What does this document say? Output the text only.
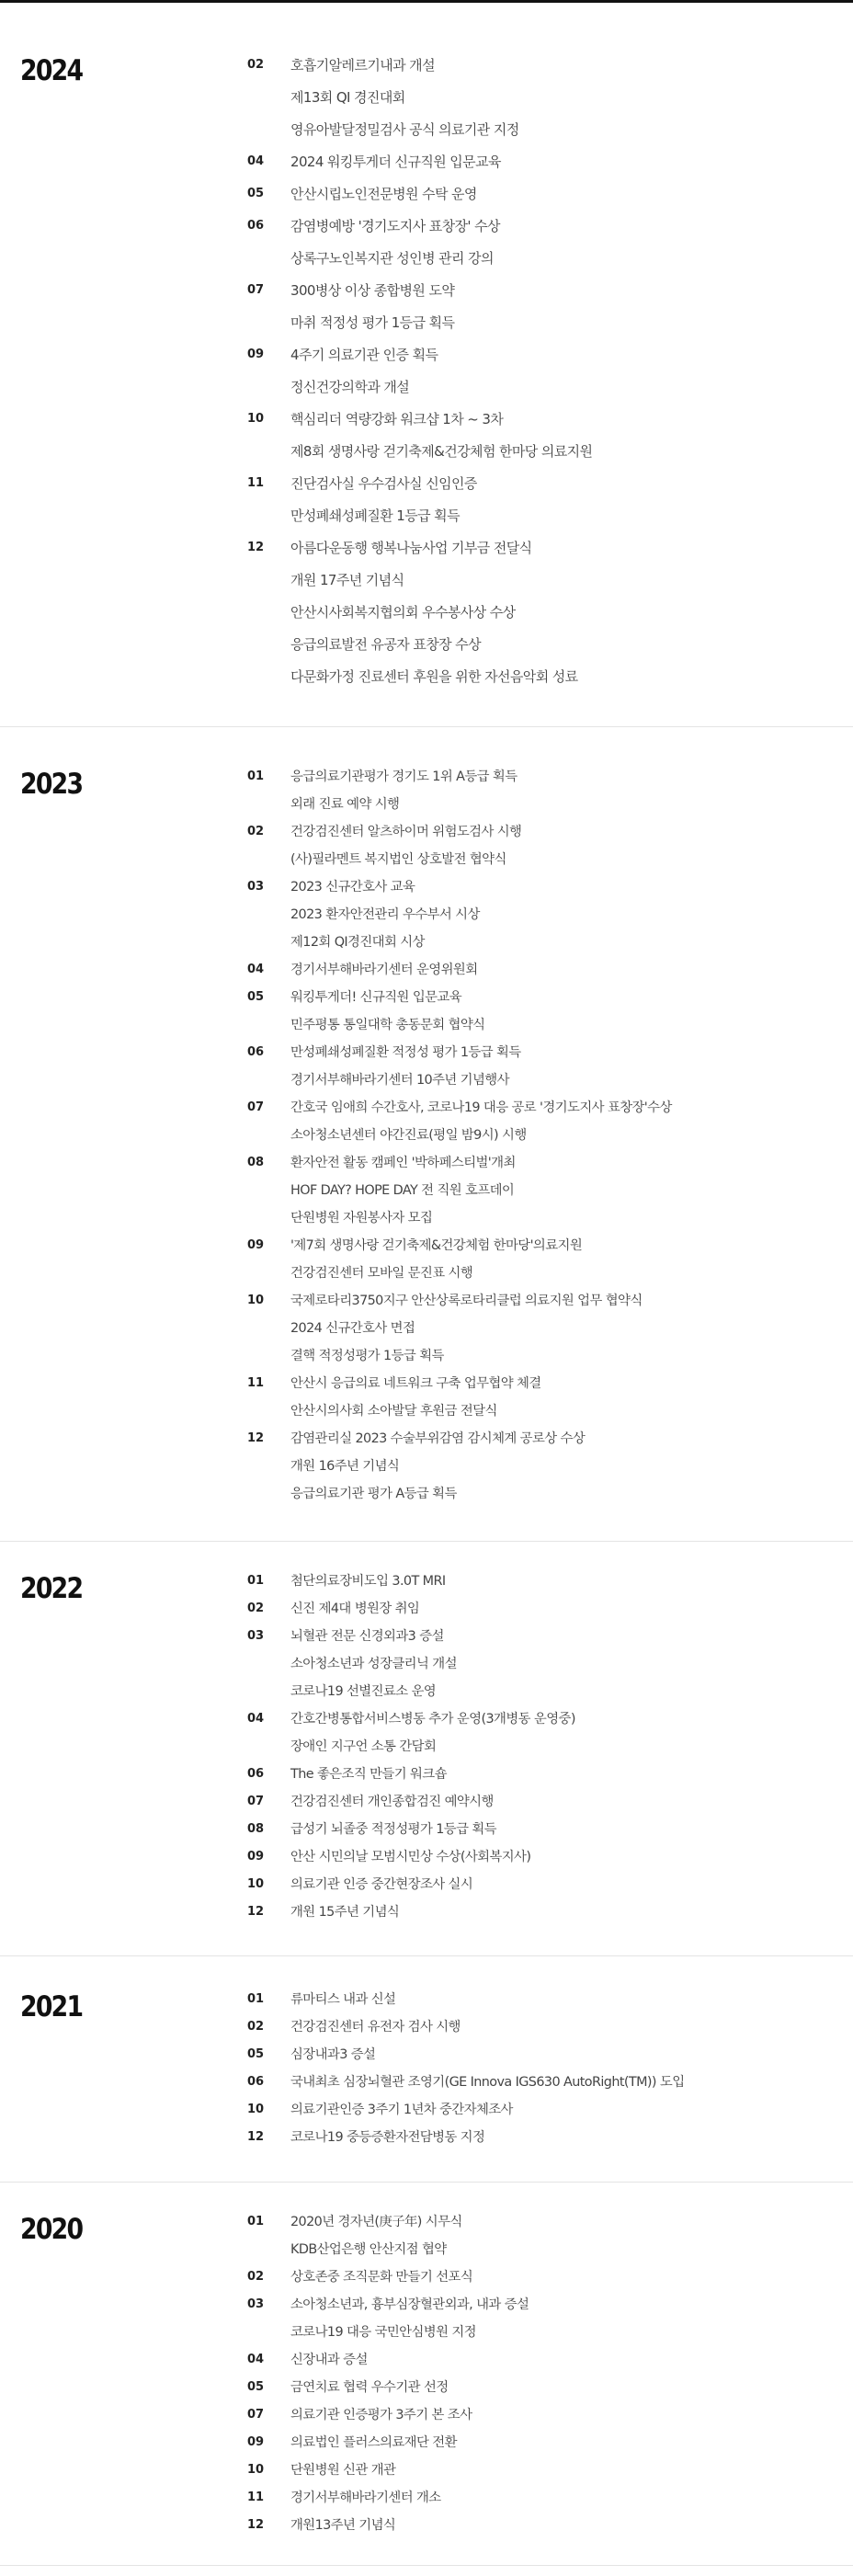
2024	02 호흡기알레르기내과 개설
제13회 QI 경진대회
영유아발달정밀검사 공식 의료기관 지정
04 2024 워킹투게더 신규직원 입문교육
05 안산시립노인전문병원 수탁 운영
06 감염병예방 '경기도지사 표창장' 수상
상록구노인복지관 성인병 관리 강의
07 300병상 이상 종합병원 도약
마취 적정성 평가 1등급 획득
09 4주기 의료기관 인증 획득
정신건강의학과 개설
10 핵심리더 역량강화 워크샵 1차 ~ 3차
제8회 생명사랑 걷기축제&건강체험 한마당 의료지원
11 진단검사실 우수검사실 신임인증
만성폐쇄성폐질환 1등급 획득
12 아름다운동행 행복나눔사업 기부금 전달식
개원 17주년 기념식
안산시사회복지협의회 우수봉사상 수상
응급의료발전 유공자 표창장 수상
다문화가정 진료센터 후원을 위한 자선음악회 성료
2023	01 응급의료기관평가 경기도 1위 A등급 획득
외래 진료 예약 시행
02 건강검진센터 알츠하이머 위험도검사 시행
(사)필라멘트 복지법인 상호발전 협약식
03 2023 신규간호사 교육
2023 환자안전관리 우수부서 시상
제12회 QI경진대회 시상
04 경기서부해바라기센터 운영위원회
05 워킹투게더! 신규직원 입문교육
민주평통 통일대학 총동문회 협약식
06 만성폐쇄성폐질환 적정성 평가 1등급 획득
경기서부해바라기센터 10주년 기념행사
07 간호국 임애희 수간호사, 코로나19 대응 공로 '경기도지사 표창장'수상
소아청소년센터 야간진료(평일 밤9시) 시행
08 환자안전 활동 캠페인 '박하페스티벌'개최
HOF DAY? HOPE DAY 전 직원 호프데이
단원병원 자원봉사자 모집
09 '제7회 생명사랑 걷기축제&건강체험 한마당'의료지원
건강검진센터 모바일 문진표 시행
10 국제로타리3750지구 안산상록로타리클럽 의료지원 업무 협약식
2024 신규간호사 면접
결핵 적정성평가 1등급 획득
11 안산시 응급의료 네트워크 구축 업무협약 체결
안산시의사회 소아발달 후원금 전달식
12 감염관리실 2023 수술부위감염 감시체계 공로상 수상
개원 16주년 기념식
응급의료기관 평가 A등급 획득
2022	01 첨단의료장비도입 3.0T MRI
02 신진 제4대 병원장 취임
03 뇌혈관 전문 신경외과3 증설
소아청소년과 성장클리닉 개설
코로나19 선별진료소 운영
04 간호간병통합서비스병동 추가 운영(3개병동 운영중)
장애인 지구언 소통 간담회
06 The 좋은조직 만들기 워크숍
07 건강검진센터 개인종합검진 예약시행
08 급성기 뇌졸중 적정성평가 1등급 획득
09 안산 시민의날 모범시민상 수상(사회복지사)
10 의료기관 인증 중간현장조사 실시
12 개원 15주년 기념식
2021	01 류마티스 내과 신설
02 건강검진센터 유전자 검사 시행
05 심장내과3 증설
06 국내최초 심장뇌혈관 조영기(GE Innova IGS630 AutoRight(TM)) 도입
10 의료기관인증 3주기 1년차 중간자체조사
12 코로나19 중등증환자전담병동 지정
2020	01 2020년 경자년(庚子年) 시무식
KDB산업은행 안산지점 협약
02 상호존중 조직문화 만들기 선포식
03 소아청소년과, 흉부심장혈관외과, 내과 증설
코로나19 대응 국민안심병원 지정
04 신장내과 증설
05 금연치료 협력 우수기관 선정
07 의료기관 인증평가 3주기 본 조사
09 의료법인 플러스의료재단 전환
10 단원병원 신관 개관
11 경기서부해바라기센터 개소
12 개원13주년 기념식
